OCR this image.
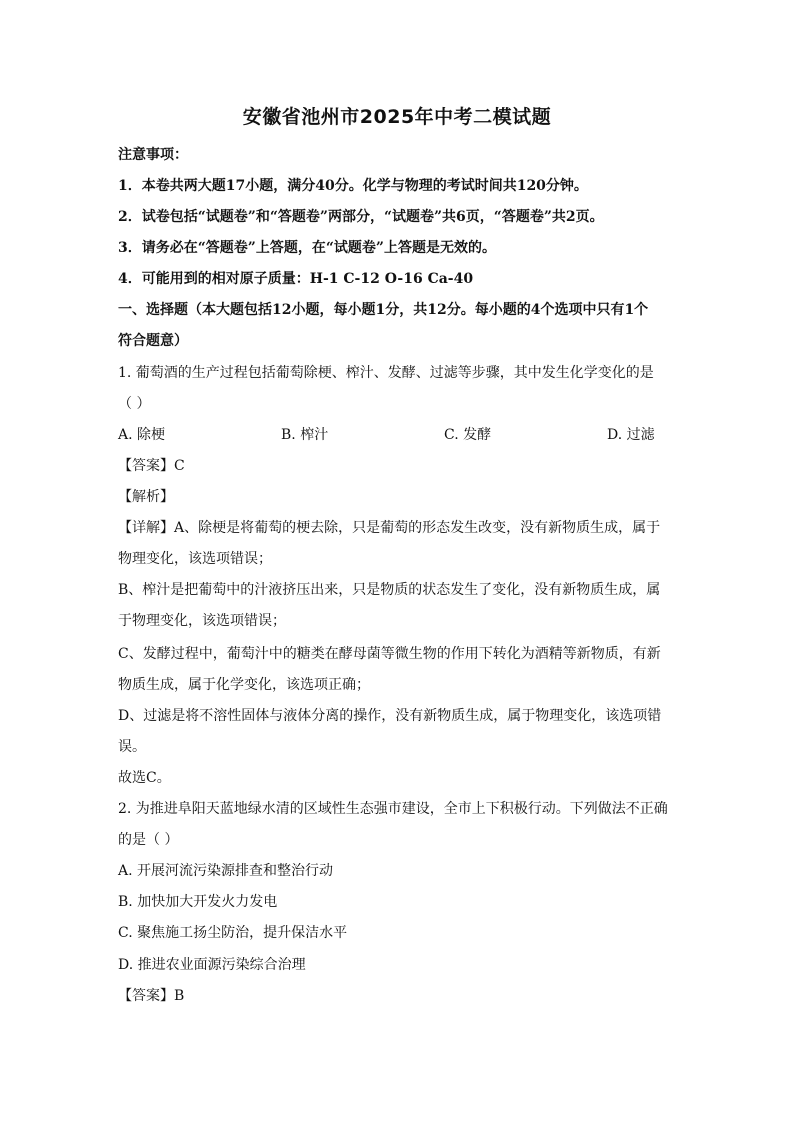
安徽省池州市2025年中考二模试题
注意事项：
1．本卷共两大题17小题，满分40分。化学与物理的考试时间共120分钟。
2．试卷包括“试题卷”和“答题卷”两部分，“试题卷”共6页，“答题卷”共2页。
3．请务必在“答题卷”上答题，在“试题卷”上答题是无效的。
4．可能用到的相对原子质量：H-1 C-12 O-16 Ca-40
一、选择题（本大题包括12小题，每小题1分，共12分。每小题的4个选项中只有1个
符合题意）
1. 葡萄酒的生产过程包括葡萄除梗、榨汁、发酵、过滤等步骤，其中发生化学变化的是
（ ）
A. 除梗	B. 榨汁	C. 发酵	D. 过滤
【答案】C
【解析】
【详解】A、除梗是将葡萄的梗去除，只是葡萄的形态发生改变，没有新物质生成，属于
物理变化，该选项错误；
B、榨汁是把葡萄中的汁液挤压出来，只是物质的状态发生了变化，没有新物质生成，属
于物理变化，该选项错误；
C、发酵过程中，葡萄汁中的糖类在酵母菌等微生物的作用下转化为酒精等新物质，有新
物质生成，属于化学变化，该选项正确；
D、过滤是将不溶性固体与液体分离的操作，没有新物质生成，属于物理变化，该选项错
误。
故选C。
2. 为推进阜阳天蓝地绿水清的区域性生态强市建设，全市上下积极行动。下列做法不正确
的是（ ）
A. 开展河流污染源排查和整治行动
B. 加快加大开发火力发电
C. 聚焦施工扬尘防治，提升保洁水平
D. 推进农业面源污染综合治理
【答案】B
